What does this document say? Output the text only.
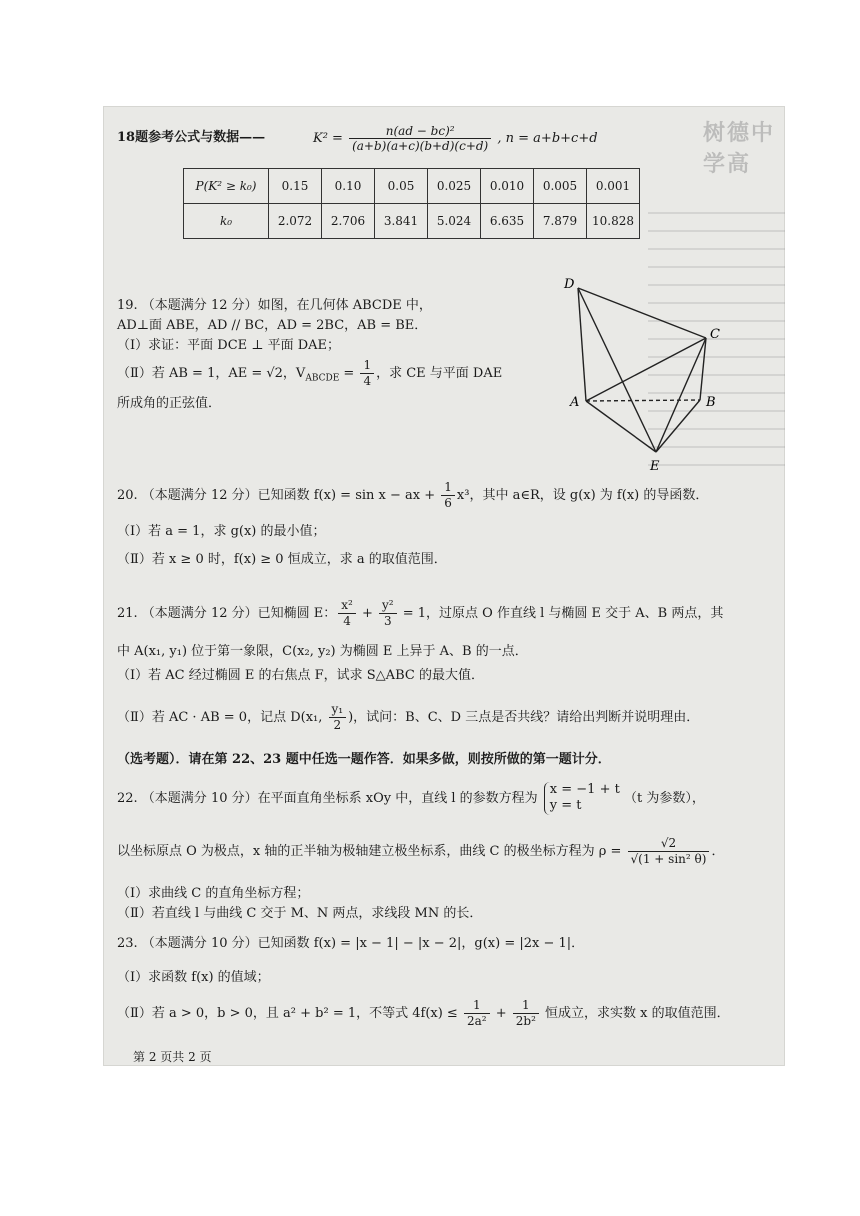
树德中学高
18题参考公式与数据——	$K^2 = \frac{\text{n(ad − bc)²}}{(a+b)(a+c)(b+d)(c+d)}$ , n = a+b+c+d
P(K² ≥ k₀)	0.15	0.10	0.05	0.025	0.010	0.005	0.001
k₀	2.072	2.706	3.841	5.024	6.635	7.879	10.828
19. （本题满分 12 分）如图，在几何体 ABCDE 中，
AD⊥面 ABE，AD // BC，AD = 2BC，AB = BE．
（Ⅰ）求证：平面 DCE ⊥ 平面 DAE；
（Ⅱ）若 AB = 1，AE = √2，$V_{ABCDE} = \frac{1}{4}$ ，求 CE 与平面 DAE
所成角的正弦值．
D
C
A	B
E
20. （本题满分 12 分）已知函数 f(x) = sin x − ax + $\frac{1}{6} x^3$，其中 a∈R，设 g(x) 为 f(x) 的导函数．
（Ⅰ）若 a = 1，求 g(x) 的最小值；
（Ⅱ）若 x ≥ 0 时，f(x) ≥ 0 恒成立，求 a 的取值范围．
21. （本题满分 12 分）已知椭圆 E： $\frac{\text{x²}}{4} + \frac{\text{y²}}{3} = 1$，过原点 O 作直线 l 与椭圆 E 交于 A、B 两点，其
中 A(x₁, y₁) 位于第一象限，C(x₂, y₂) 为椭圆 E 上异于 A、B 的一点．
（Ⅰ）若 AC 经过椭圆 E 的右焦点 F，试求 S△ABC 的最大值．
（Ⅱ）若 AC · AB = 0，记点 D(x₁, $\frac{\text{y₁}}{2}$ )，试问：B、C、D 三点是否共线？请给出判断并说明理由．
（选考题）．请在第 22、23 题中任选一题作答．如果多做，则按所做的第一题计分．
22. （本题满分 10 分）在平面直角坐标系 xOy 中，直线 l 的参数方程为
x = −1 + t
y = t	（t 为参数），
以坐标原点 O 为极点，x 轴的正半轴为极轴建立极坐标系，曲线 C 的极坐标方程为 $\rho = \frac{√2}{\text{√(1 + sin² θ)}}$ ．
（Ⅰ）求曲线 C 的直角坐标方程；
（Ⅱ）若直线 l 与曲线 C 交于 M、N 两点，求线段 MN 的长．
23. （本题满分 10 分）已知函数 f(x) = |x − 1| − |x − 2|，g(x) = |2x − 1|．
（Ⅰ）求函数 f(x) 的值域；
（Ⅱ）若 a > 0，b > 0，且 a² + b² = 1，不等式 $4f(x) \le \frac{1}{\text{2a²}} + \frac{1}{\text{2b²}}$ 恒成立，求实数 x 的取值范围．
第 2 页共 2 页
